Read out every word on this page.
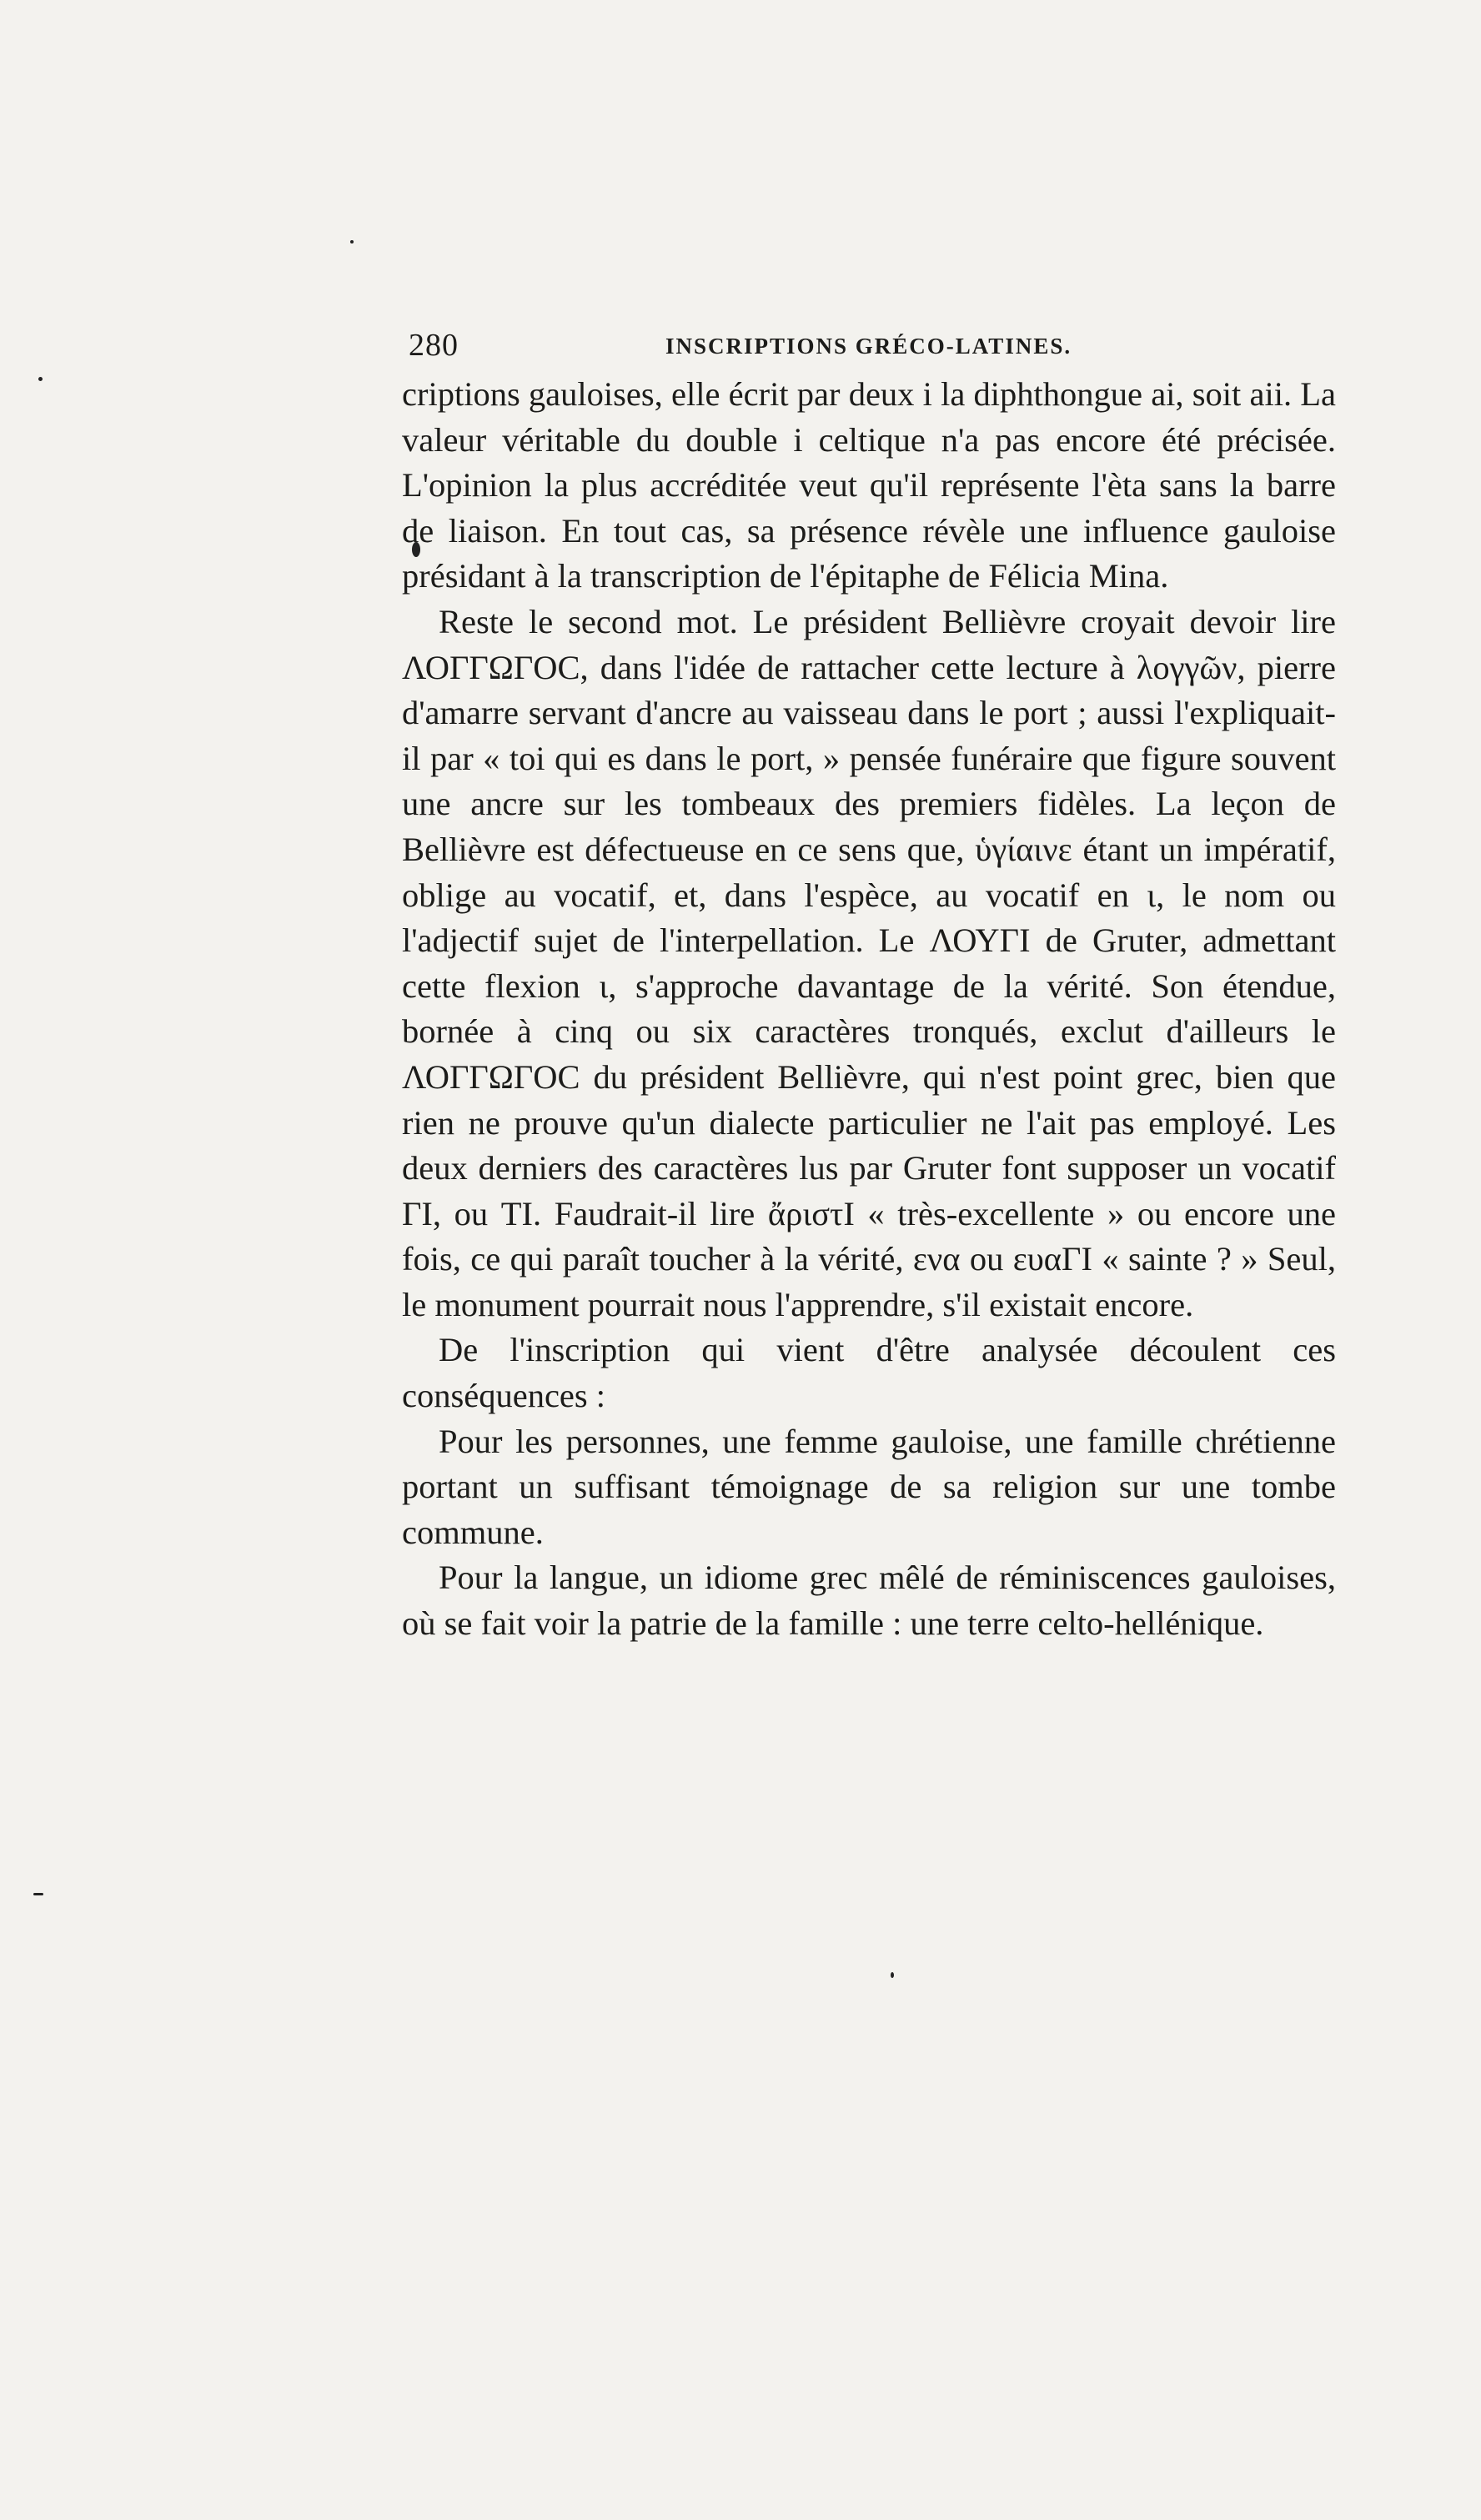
280	INSCRIPTIONS GRÉCO-LATINES.

criptions gauloises, elle écrit par deux i la diphthongue ai, soit aii. La valeur véritable du double i celtique n'a pas encore été précisée. L'opinion la plus accréditée veut qu'il représente l'èta sans la barre de liaison. En tout cas, sa présence révèle une influence gauloise présidant à la transcription de l'épitaphe de Félicia Mina.

Reste le second mot. Le président Bellièvre croyait devoir lire ΛΟΓΓΩΓΟC, dans l'idée de rattacher cette lecture à λογγῶν, pierre d'amarre servant d'ancre au vaisseau dans le port ; aussi l'expliquait-il par « toi qui es dans le port, » pensée funéraire que figure souvent une ancre sur les tombeaux des premiers fidèles. La leçon de Bellièvre est défectueuse en ce sens que, ὑγίαινε étant un impératif, oblige au vocatif, et, dans l'espèce, au vocatif en ι, le nom ou l'adjectif sujet de l'interpellation. Le ΛΟΥΓΙ de Gruter, admettant cette flexion ι, s'approche davantage de la vérité. Son étendue, bornée à cinq ou six caractères tronqués, exclut d'ailleurs le ΛΟΓΓΩΓΟC du président Bellièvre, qui n'est point grec, bien que rien ne prouve qu'un dialecte particulier ne l'ait pas employé. Les deux derniers des caractères lus par Gruter font supposer un vocatif ΓΙ, ou ΤΙ. Faudrait-il lire ἄριστΙ « très-excellente » ou encore une fois, ce qui paraît toucher à la vérité, ενα ou ευαΓΙ « sainte ? » Seul, le monument pourrait nous l'apprendre, s'il existait encore.

De l'inscription qui vient d'être analysée découlent ces conséquences :

Pour les personnes, une femme gauloise, une famille chrétienne portant un suffisant témoignage de sa religion sur une tombe commune.

Pour la langue, un idiome grec mêlé de réminiscences gauloises, où se fait voir la patrie de la famille : une terre celto-hellénique.
